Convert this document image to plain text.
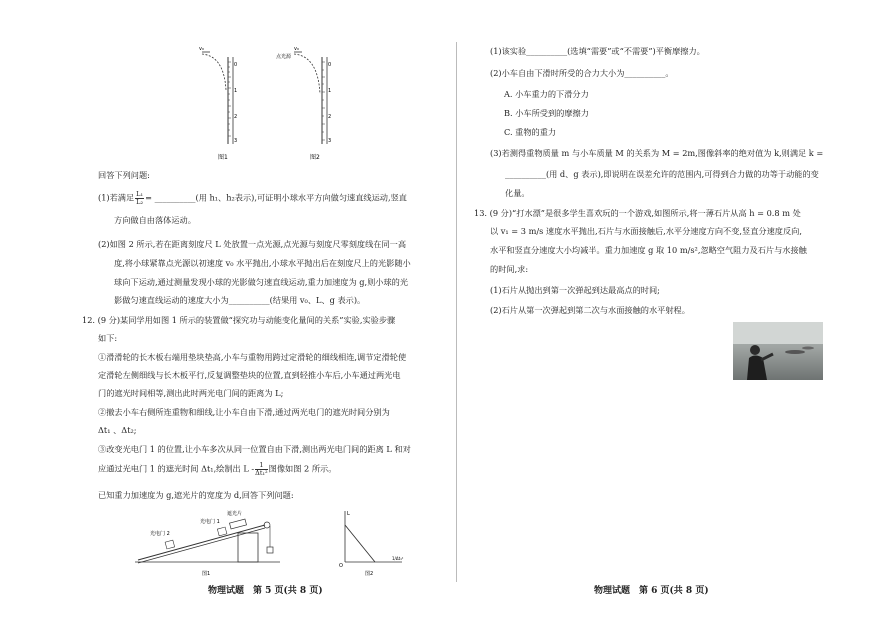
v₀
0
1
2
3
图1
v₀
点光源
0
1
2
3
图2
回答下列问题:
(1)若满足 $\frac{\text{L₁}}{\text{L₂}}=$ __________(用 h₁、h₂表示),可证明小球水平方向做匀速直线运动,竖直
方向做自由落体运动。
(2)如图 2 所示,若在距离刻度尺 L 处放置一点光源,点光源与刻度尺零刻度线在同一高
度,将小球紧靠点光源以初速度 v₀ 水平抛出,小球水平抛出后在刻度尺上的光影随小
球向下运动,通过测量发现小球的光影做匀速直线运动,重力加速度为 g,则小球的光
影做匀速直线运动的速度大小为__________(结果用 v₀、L、g 表示)。
12. (9 分)某同学用如图 1 所示的装置做“探究功与动能变化量间的关系”实验,实验步骤
如下:
①滑滑轮的长木板右端用垫块垫高,小车与重物用跨过定滑轮的细线相连,调节定滑轮使
定滑轮左侧细线与长木板平行,反复调整垫块的位置,直到轻推小车后,小车通过两光电
门的遮光时间相等,测出此时两光电门间的距离为 L;
②撤去小车右侧所连重物和细线,让小车自由下滑,通过两光电门的遮光时间分别为
Δt₁ 、Δt₂;
③改变光电门 1 的位置,让小车多次从同一位置自由下滑,测出两光电门间的距离 L 和对
应通过光电门 1 的遮光时间 Δt₁,绘制出 L - $\frac{1}{\text{Δt₁²}}$图像如图 2 所示。
已知重力加速度为 g,遮光片的宽度为 d,回答下列问题:
遮光片
光电门 1
光电门 2
图1
L
O
1/Δt₁²
图2
物理试题　第 5 页(共 8 页)
(1)该实验__________(选填“需要”或“不需要”)平衡摩擦力。
(2)小车自由下滑时所受的合力大小为__________。
A. 小车重力的下滑分力
B. 小车所受到的摩擦力
C. 重物的重力
(3)若测得重物质量 m 与小车质量 M 的关系为 M = 2m,图像斜率的绝对值为 k,则满足 k =
__________(用 d、g 表示),即说明在误差允许的范围内,可得到合力做的功等于动能的变
化量。
13. (9 分)“打水漂”是很多学生喜欢玩的一个游戏,如图所示,将一薄石片从高 h = 0.8 m 处
以 v₁ = 3 m/s 速度水平抛出,石片与水面接触后,水平分速度方向不变,竖直分速度反向,
水平和竖直分速度大小均减半。重力加速度 g 取 10 m/s²,忽略空气阻力及石片与水接触
的时间,求:
(1)石片从抛出到第一次弹起到达最高点的时间;
(2)石片从第一次弹起到第二次与水面接触的水平射程。
物理试题　第 6 页(共 8 页)
